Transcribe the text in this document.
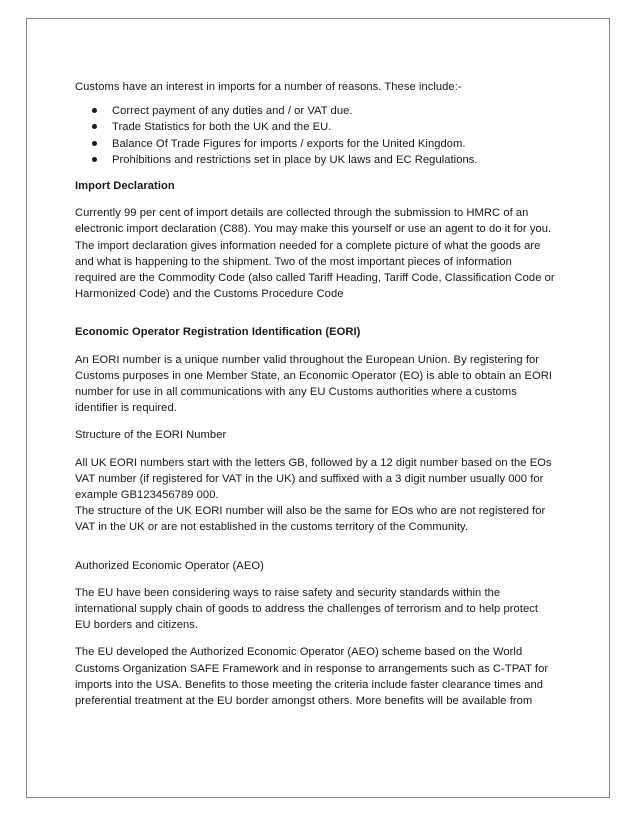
Customs have an interest in imports for a number of reasons. These include:-

Correct payment of any duties and / or VAT due.
Trade Statistics for both the UK and the EU.
Balance Of Trade Figures for imports / exports for the United Kingdom.
Prohibitions and restrictions set in place by UK laws and EC Regulations.

Import Declaration

Currently 99 per cent of import details are collected through the submission to HMRC of an

electronic import declaration (C88). You may make this yourself or use an agent to do it for you.

The import declaration gives information needed for a complete picture of what the goods are

and what is happening to the shipment. Two of the most important pieces of information

required are the Commodity Code (also called Tariff Heading, Tariff Code, Classification Code or

Harmonized Code) and the Customs Procedure Code

Economic Operator Registration Identification (EORI)

An EORI number is a unique number valid throughout the European Union. By registering for

Customs purposes in one Member State, an Economic Operator (EO) is able to obtain an EORI

number for use in all communications with any EU Customs authorities where a customs

identifier is required.

Structure of the EORI Number

All UK EORI numbers start with the letters GB, followed by a 12 digit number based on the EOs

VAT number (if registered for VAT in the UK) and suffixed with a 3 digit number usually 000 for

example GB123456789 000.

The structure of the UK EORI number will also be the same for EOs who are not registered for

VAT in the UK or are not established in the customs territory of the Community.

Authorized Economic Operator (AEO)

The EU have been considering ways to raise safety and security standards within the

international supply chain of goods to address the challenges of terrorism and to help protect

EU borders and citizens.

The EU developed the Authorized Economic Operator (AEO) scheme based on the World

Customs Organization SAFE Framework and in response to arrangements such as C-TPAT for

imports into the USA. Benefits to those meeting the criteria include faster clearance times and

preferential treatment at the EU border amongst others. More benefits will be available from
